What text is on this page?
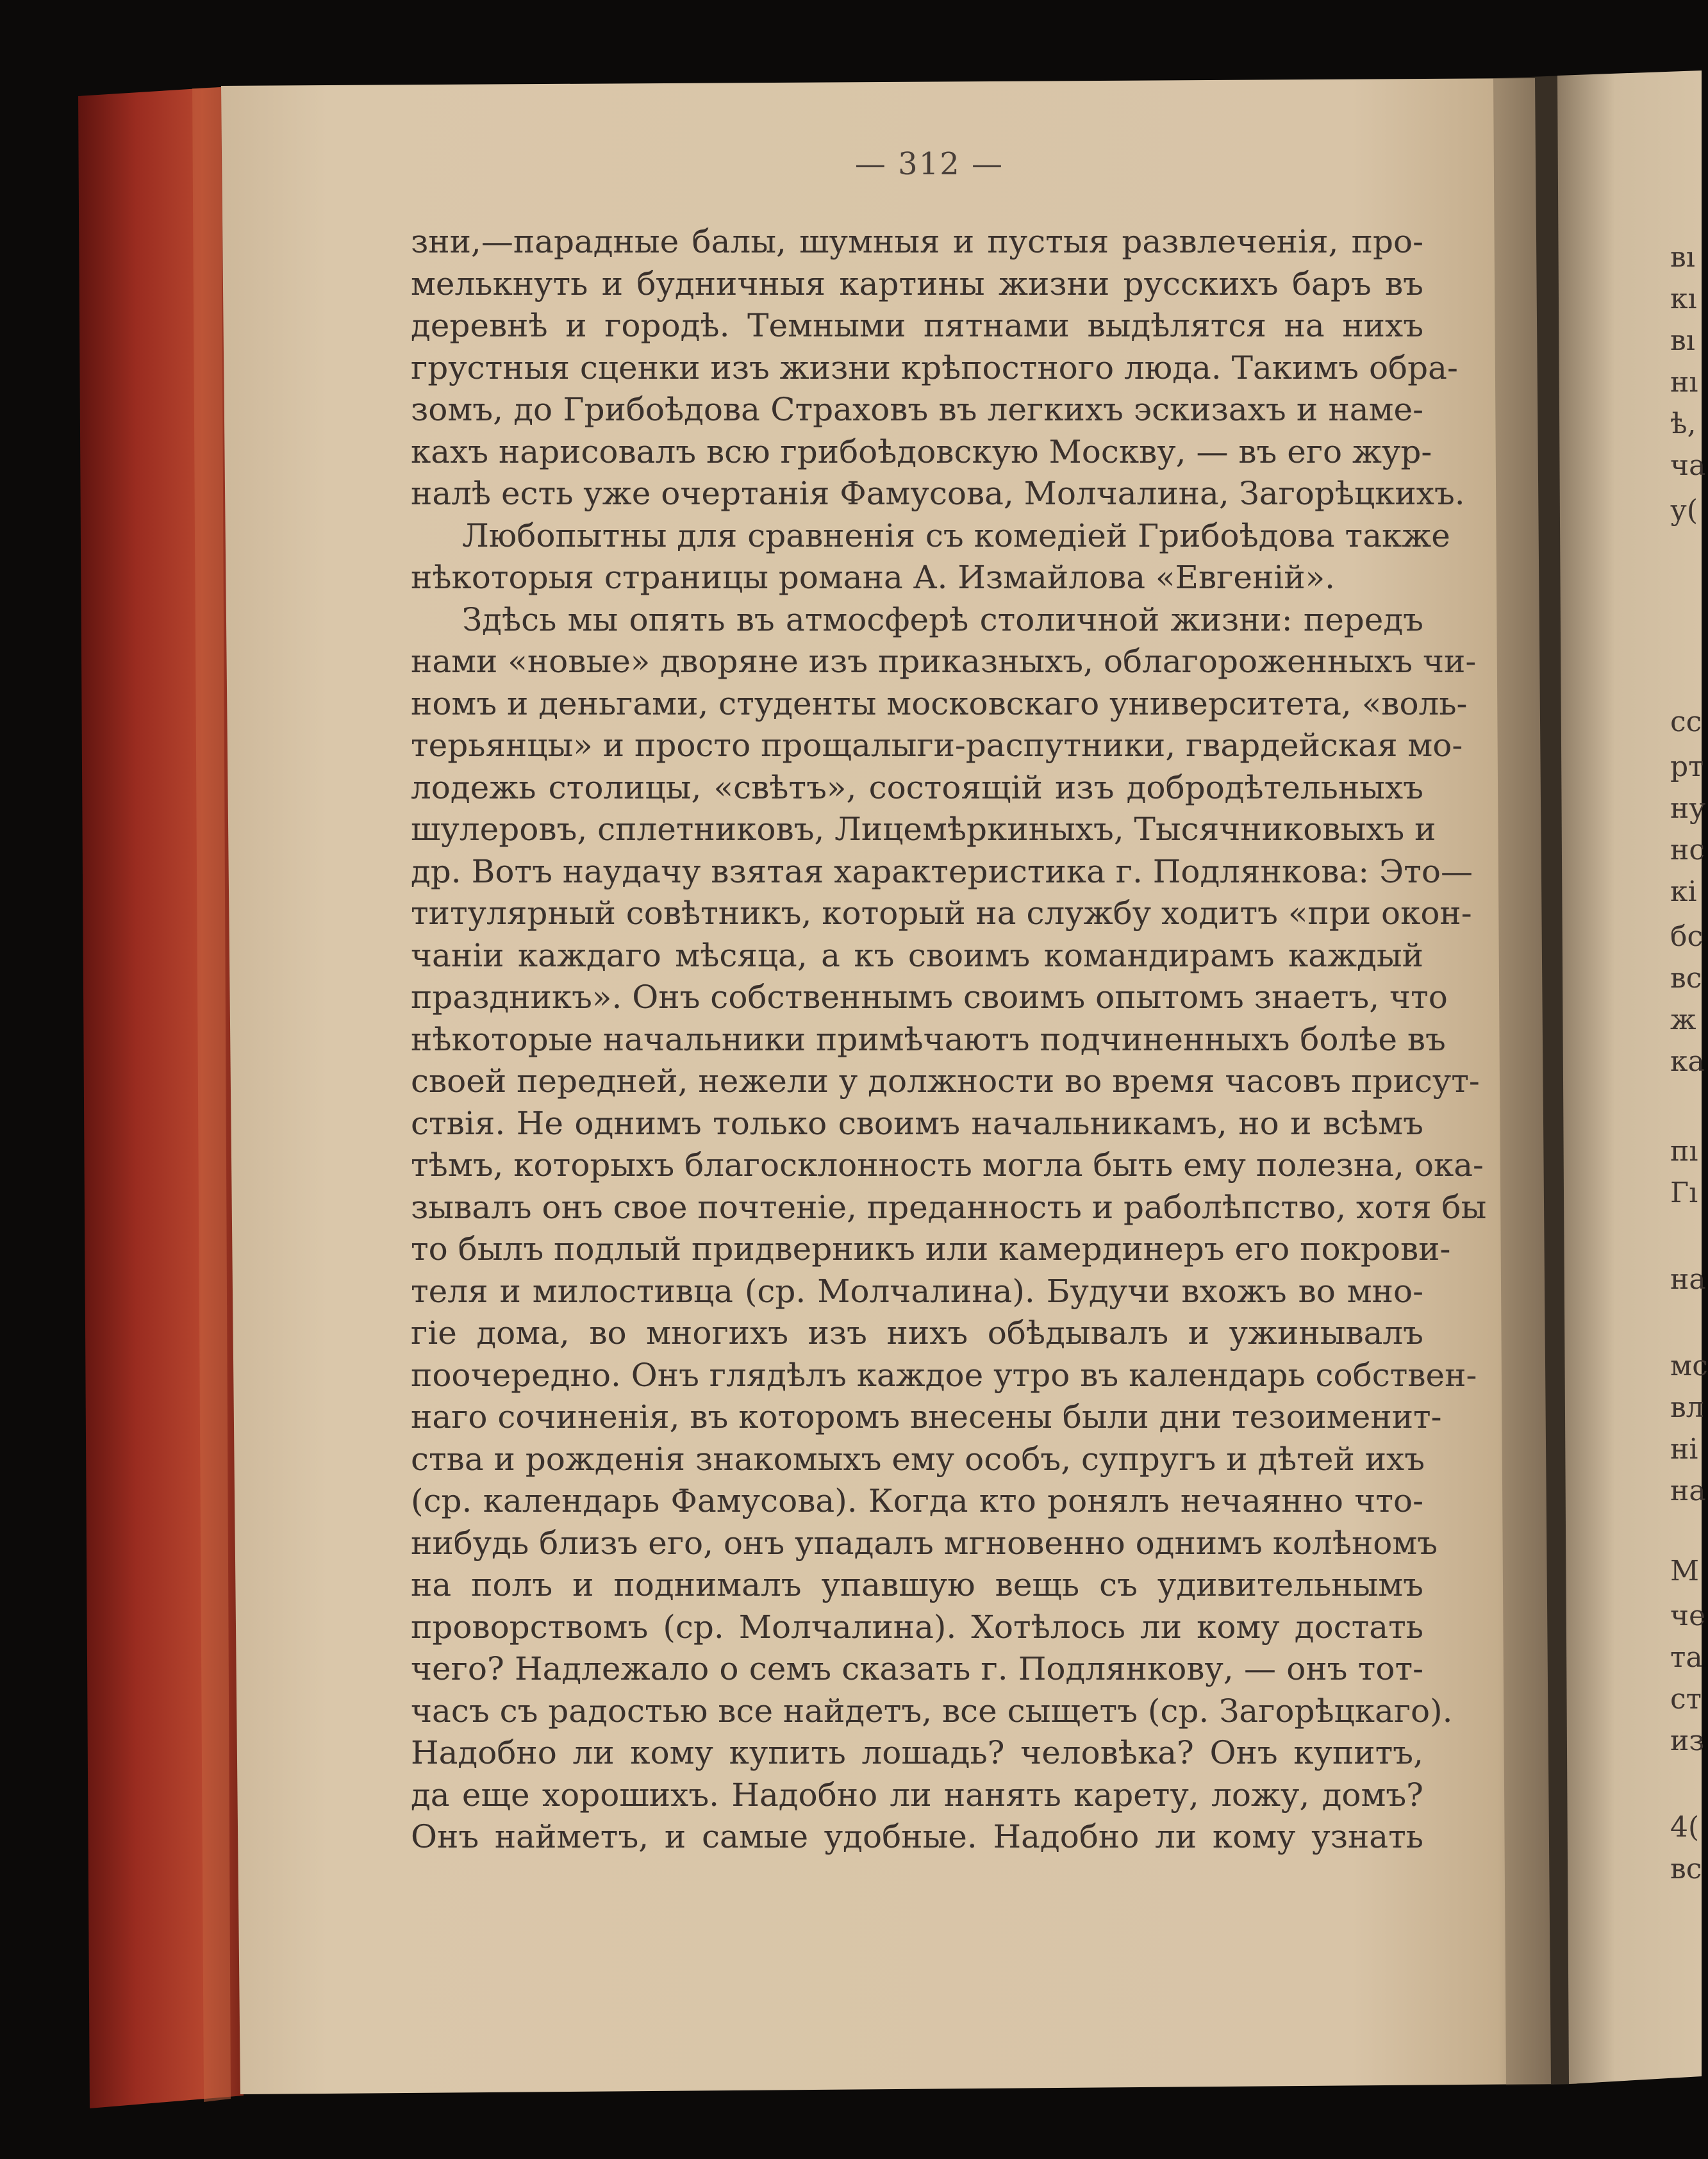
— 312 —
зни,—парадные балы, шумныя и пустыя развлеченія, про-
мелькнуть и будничныя картины жизни русскихъ баръ въ
деревнѣ и городѣ. Темными пятнами выдѣлятся на нихъ
грустныя сценки изъ жизни крѣпостного люда. Такимъ обра-
зомъ, до Грибоѣдова Страховъ въ легкихъ эскизахъ и наме-
кахъ нарисовалъ всю грибоѣдовскую Москву, — въ его жур-
налѣ есть уже очертанія Фамусова, Молчалина, Загорѣцкихъ.
Любопытны для сравненія съ комедіей Грибоѣдова также
нѣкоторыя страницы романа А. Измайлова «Евгеній».
Здѣсь мы опять въ атмосферѣ столичной жизни: передъ
нами «новые» дворяне изъ приказныхъ, облагороженныхъ чи-
номъ и деньгами, студенты московскаго университета, «воль-
терьянцы» и просто прощалыги-распутники, гвардейская мо-
лодежь столицы, «свѣтъ», состоящій изъ добродѣтельныхъ
шулеровъ, сплетниковъ, Лицемѣркиныхъ, Тысячниковыхъ и
др. Вотъ наудачу взятая характеристика г. Подлянкова: Это—
титулярный совѣтникъ, который на службу ходитъ «при окон-
чаніи каждаго мѣсяца, а къ своимъ командирамъ каждый
праздникъ». Онъ собственнымъ своимъ опытомъ знаетъ, что
нѣкоторые начальники примѣчаютъ подчиненныхъ болѣе въ
своей передней, нежели у должности во время часовъ присут-
ствія. Не однимъ только своимъ начальникамъ, но и всѣмъ
тѣмъ, которыхъ благосклонность могла быть ему полезна, ока-
зывалъ онъ свое почтеніе, преданность и раболѣпство, хотя бы
то былъ подлый придверникъ или камердинеръ его покрови-
теля и милостивца (ср. Молчалина). Будучи вхожъ во мно-
гіе дома, во многихъ изъ нихъ обѣдывалъ и ужинывалъ
поочередно. Онъ глядѣлъ каждое утро въ календарь собствен-
наго сочиненія, въ которомъ внесены были дни тезоименит-
ства и рожденія знакомыхъ ему особъ, супругъ и дѣтей ихъ
(ср. календарь Фамусова). Когда кто ронялъ нечаянно что-
нибудь близъ его, онъ упадалъ мгновенно однимъ колѣномъ
на полъ и поднималъ упавшую вещь съ удивительнымъ
проворствомъ (ср. Молчалина). Хотѣлось ли кому достать
чего? Надлежало о семъ сказать г. Подлянкову, — онъ тот-
часъ съ радостью все найдетъ, все сыщетъ (ср. Загорѣцкаго).
Надобно ли кому купить лошадь? человѣка? Онъ купитъ,
да еще хорошихъ. Надобно ли нанять карету, ложу, домъ?
Онъ найметъ, и самые удобные. Надобно ли кому узнать
вı
кı
вı
нı
ѣ,
ча
у(
сс
рт
ну
нс
кі
бс
вс
ж
ка
пı
Гı
на
мс
вл
ні
на
М
че
та
ст
из
4(
вс
